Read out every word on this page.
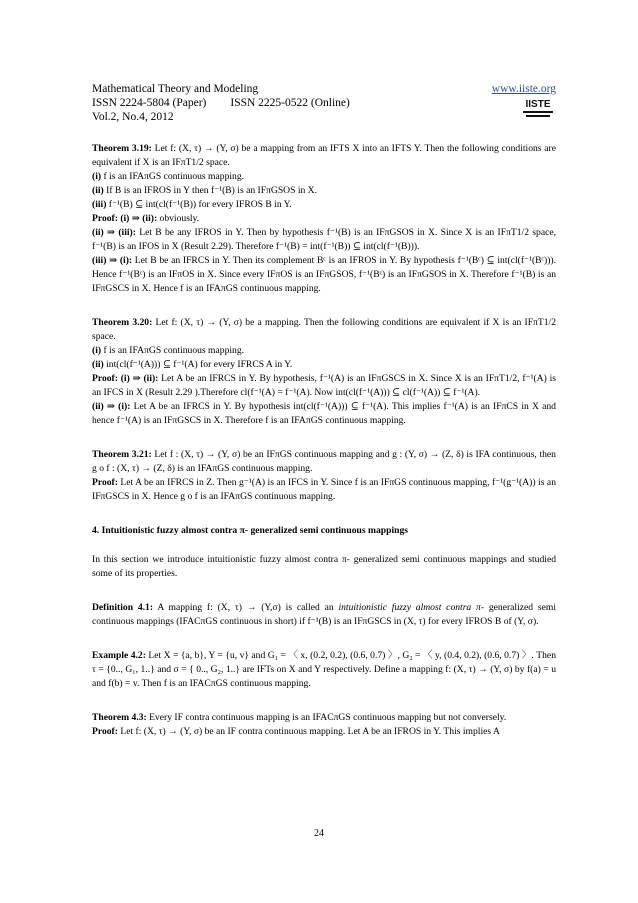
Mathematical Theory and Modeling	www.iiste.org
ISSN 2224-5804 (Paper) ISSN 2225-0522 (Online)
Vol.2, No.4, 2012
IISTE

Theorem 3.19: Let f: (X, τ) → (Y, σ) be a mapping from an IFTS X into an IFTS Y. Then the following conditions are equivalent if X is an IFπT1/2 space.

(i) f is an IFAπGS continuous mapping.

(ii) If B is an IFROS in Y then f⁻¹(B) is an IFπGSOS in X.

(iii) f⁻¹(B) ⊆ int(cl(f⁻¹(B)) for every IFROS B in Y.

Proof: (i) ⇒ (ii): obviously.

(ii) ⇒ (iii): Let B be any IFROS in Y. Then by hypothesis f⁻¹(B) is an IFπGSOS in X. Since X is an IFπT1/2 space, f⁻¹(B) is an IFOS in X (Result 2.29). Therefore f⁻¹(B) = int(f⁻¹(B)) ⊆ int(cl(f⁻¹(B))).

(iii) ⇒ (i): Let B be an IFRCS in Y. Then its complement Bᶜ is an IFROS in Y. By hypothesis f⁻¹(Bᶜ) ⊆ int(cl(f⁻¹(Bᶜ))). Hence f⁻¹(Bᶜ) is an IFπOS in X. Since every IFπOS is an IFπGSOS, f⁻¹(Bᶜ) is an IFπGSOS in X. Therefore f⁻¹(B) is an IFπGSCS in X. Hence f is an IFAπGS continuous mapping.

Theorem 3.20: Let f: (X, τ) → (Y, σ) be a mapping. Then the following conditions are equivalent if X is an IFπT1/2 space.

(i) f is an IFAπGS continuous mapping.

(ii) int(cl(f⁻¹(A))) ⊆ f⁻¹(A) for every IFRCS A in Y.

Proof: (i) ⇒ (ii): Let A be an IFRCS in Y. By hypothesis, f⁻¹(A) is an IFπGSCS in X. Since X is an IFπT1/2, f⁻¹(A) is an IFCS in X (Result 2.29 ).Therefore cl(f⁻¹(A) = f⁻¹(A). Now int(cl(f⁻¹(A))) ⊆ cl(f⁻¹(A)) ⊆ f⁻¹(A).

(ii) ⇒ (i): Let A be an IFRCS in Y. By hypothesis int(cl(f⁻¹(A))) ⊆ f⁻¹(A). This implies f⁻¹(A) is an IFπCS in X and hence f⁻¹(A) is an IFπGSCS in X. Therefore f is an IFAπGS continuous mapping.

Theorem 3.21: Let f : (X, τ) → (Y, σ) be an IFπGS continuous mapping and g : (Y, σ) → (Z, δ) is IFA continuous, then g o f : (X, τ) → (Z, δ) is an IFAπGS continuous mapping.

Proof: Let A be an IFRCS in Z. Then g⁻¹(A) is an IFCS in Y. Since f is an IFπGS continuous mapping, f⁻¹(g⁻¹(A)) is an IFπGSCS in X. Hence g o f is an IFAπGS continuous mapping.

4. Intuitionistic fuzzy almost contra π- generalized semi continuous mappings

In this section we introduce intuitionistic fuzzy almost contra π- generalized semi continuous mappings and studied some of its properties.

Definition 4.1: A mapping f: (X, τ) → (Y,σ) is called an intuitionistic fuzzy almost contra π- generalized semi continuous mappings (IFACπGS continuous in short) if f⁻¹(B) is an IFπGSCS in (X, τ) for every IFROS B of (Y, σ).

Example 4.2: Let X = {a, b}, Y = {u, v} and G₁ = 〈 x, (0.2, 0.2), (0.6, 0.7) 〉, G₂ = 〈 y, (0.4, 0.2), (0.6, 0.7) 〉. Then τ = {0.., G₁, 1..} and σ = { 0.., G₂, 1..} are IFTs on X and Y respectively. Define a mapping f: (X, τ) → (Y, σ) by f(a) = u and f(b) = v. Then f is an IFACπGS continuous mapping.

Theorem 4.3: Every IF contra continuous mapping is an IFACπGS continuous mapping but not conversely.

Proof: Let f: (X, τ) → (Y, σ) be an IF contra continuous mapping. Let A be an IFROS in Y. This implies A

24
